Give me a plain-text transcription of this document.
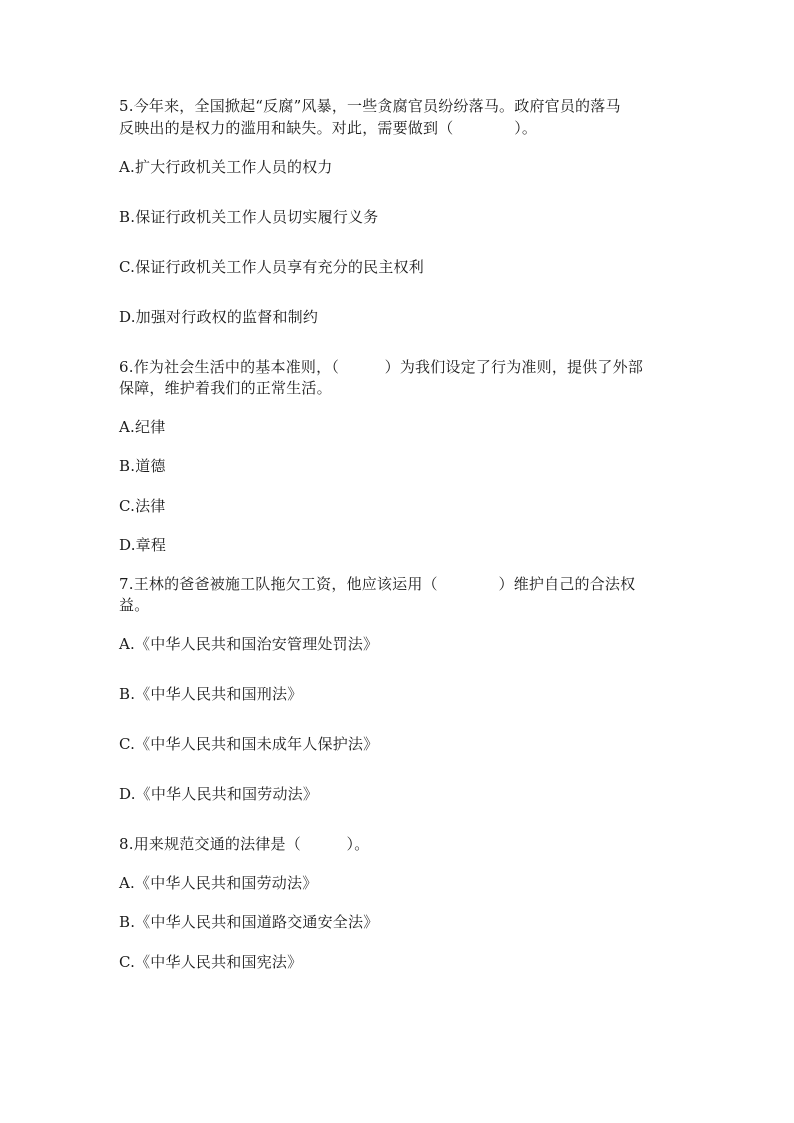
5.今年来，全国掀起“反腐”风暴，一些贪腐官员纷纷落马。政府官员的落马
反映出的是权力的滥用和缺失。对此，需要做到（　　　　）。
A.扩大行政机关工作人员的权力
B.保证行政机关工作人员切实履行义务
C.保证行政机关工作人员享有充分的民主权利
D.加强对行政权的监督和制约
6.作为社会生活中的基本准则，（　　　）为我们设定了行为准则，提供了外部
保障，维护着我们的正常生活。
A.纪律
B.道德
C.法律
D.章程
7.王林的爸爸被施工队拖欠工资，他应该运用（　　　　）维护自己的合法权
益。
A.《中华人民共和国治安管理处罚法》
B.《中华人民共和国刑法》
C.《中华人民共和国未成年人保护法》
D.《中华人民共和国劳动法》
8.用来规范交通的法律是（　　　）。
A.《中华人民共和国劳动法》
B.《中华人民共和国道路交通安全法》
C.《中华人民共和国宪法》
